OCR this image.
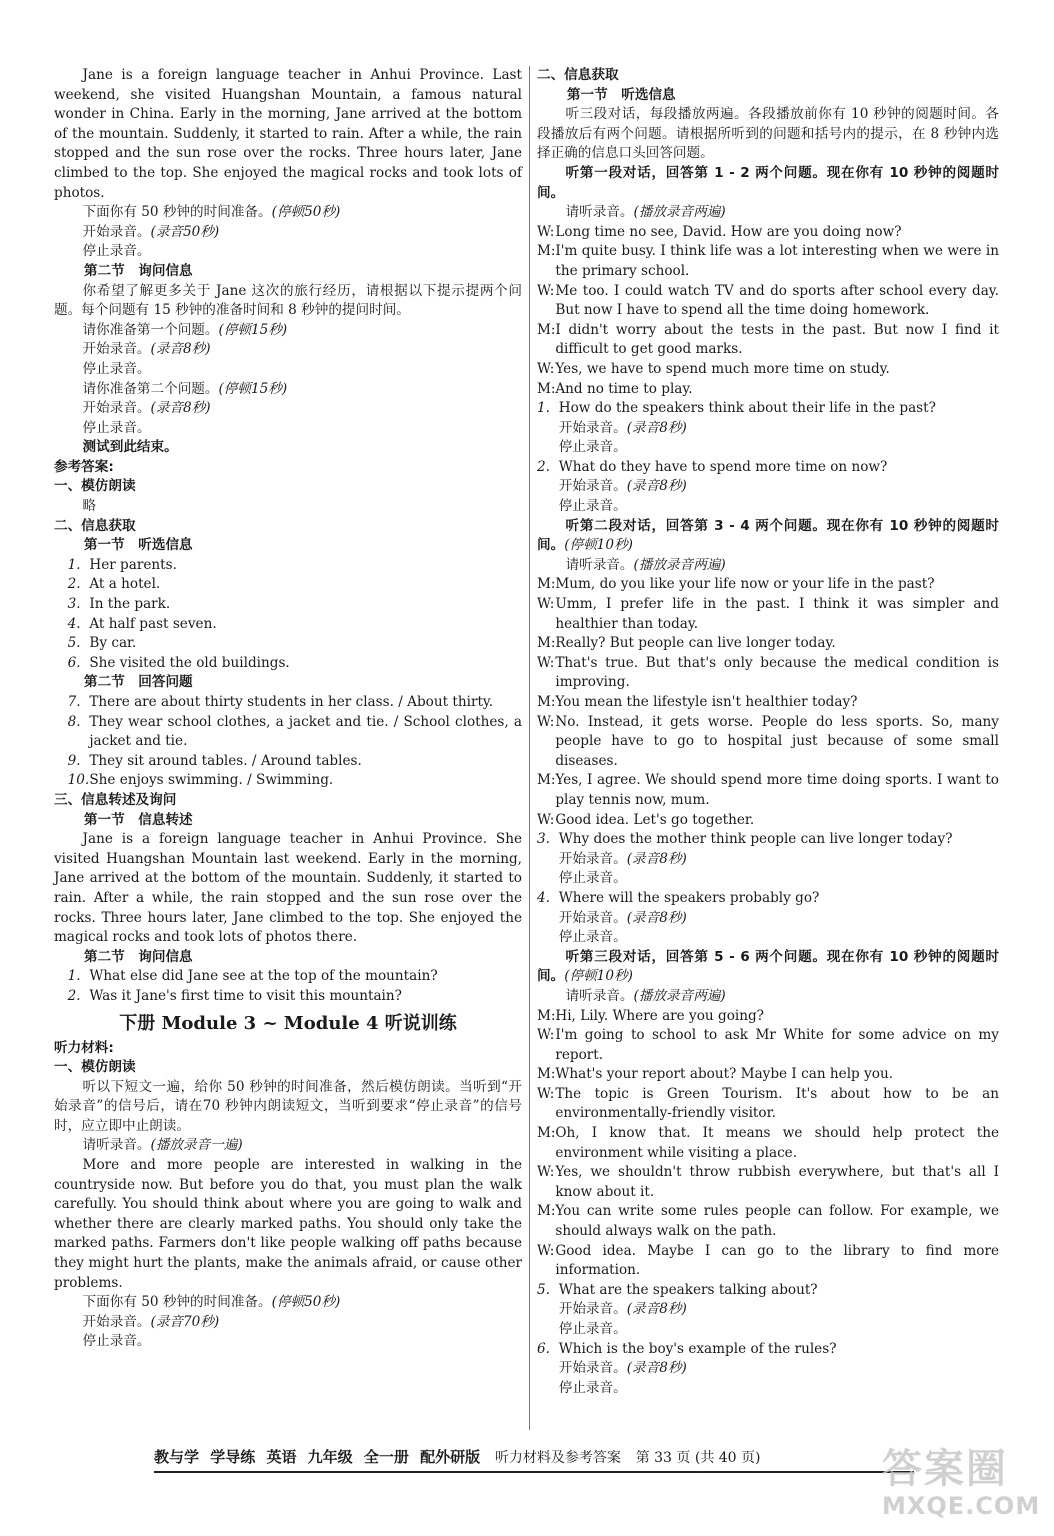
Jane is a foreign language teacher in Anhui Province. Last weekend, she visited Huangshan Mountain, a famous natural wonder in China. Early in the morning, Jane arrived at the bottom of the mountain. Suddenly, it started to rain. After a while, the rain stopped and the sun rose over the rocks. Three hours later, Jane climbed to the top. She enjoyed the magical rocks and took lots of photos.

下面你有 50 秒钟的时间准备。(停顿50秒)

开始录音。(录音50秒)

停止录音。

第二节　询问信息

你希望了解更多关于 Jane 这次的旅行经历，请根据以下提示提两个问题。每个问题有 15 秒钟的准备时间和 8 秒钟的提问时间。

请你准备第一个问题。(停顿15秒)

开始录音。(录音8秒)

停止录音。

请你准备第二个问题。(停顿15秒)

开始录音。(录音8秒)

停止录音。

测试到此结束。

参考答案:

一、模仿朗读

略

二、信息获取

第一节　听选信息

1. Her parents.
2. At a hotel.
3. In the park.
4. At half past seven.
5. By car.
6. She visited the old buildings.

第二节　回答问题

7. There are about thirty students in her class. / About thirty.
8. They wear school clothes, a jacket and tie. / School clothes, a jacket and tie.
9. They sit around tables. / Around tables.
10. She enjoys swimming. / Swimming.

三、信息转述及询问

第一节　信息转述

Jane is a foreign language teacher in Anhui Province. She visited Huangshan Mountain last weekend. Early in the morning, Jane arrived at the bottom of the mountain. Suddenly, it started to rain. After a while, the rain stopped and the sun rose over the rocks. Three hours later, Jane climbed to the top. She enjoyed the magical rocks and took lots of photos there.

第二节　询问信息

1. What else did Jane see at the top of the mountain?
2. Was it Jane's first time to visit this mountain?
下册 Module 3 ~ Module 4 听说训练

听力材料:

一、模仿朗读

听以下短文一遍，给你 50 秒钟的时间准备，然后模仿朗读。当听到“开始录音”的信号后，请在70 秒钟内朗读短文，当听到要求“停止录音”的信号时，应立即中止朗读。

请听录音。(播放录音一遍)

More and more people are interested in walking in the countryside now. But before you do that, you must plan the walk carefully. You should think about where you are going to walk and whether there are clearly marked paths. You should only take the marked paths. Farmers don't like people walking off paths because they might hurt the plants, make the animals afraid, or cause other problems.

下面你有 50 秒钟的时间准备。(停顿50秒)

开始录音。(录音70秒)

停止录音。

二、信息获取

第一节　听选信息

听三段对话，每段播放两遍。各段播放前你有 10 秒钟的阅题时间。各段播放后有两个问题。请根据所听到的问题和括号内的提示，在 8 秒钟内选择正确的信息口头回答问题。

听第一段对话，回答第 1 - 2 两个问题。现在你有 10 秒钟的阅题时间。

请听录音。(播放录音两遍)

W: Long time no see, David. How are you doing now?
M: I'm quite busy. I think life was a lot interesting when we were in the primary school.
W: Me too. I could watch TV and do sports after school every day. But now I have to spend all the time doing homework.
M: I didn't worry about the tests in the past. But now I find it difficult to get good marks.
W: Yes, we have to spend much more time on study.
M: And no time to play.
1. How do the speakers think about their life in the past?

开始录音。(录音8秒)

停止录音。

2. What do they have to spend more time on now?

开始录音。(录音8秒)

停止录音。

听第二段对话，回答第 3 - 4 两个问题。现在你有 10 秒钟的阅题时间。(停顿10秒)

请听录音。(播放录音两遍)

M: Mum, do you like your life now or your life in the past?
W: Umm, I prefer life in the past. I think it was simpler and healthier than today.
M: Really? But people can live longer today.
W: That's true. But that's only because the medical condition is improving.
M: You mean the lifestyle isn't healthier today?
W: No. Instead, it gets worse. People do less sports. So, many people have to go to hospital just because of some small diseases.
M: Yes, I agree. We should spend more time doing sports. I want to play tennis now, mum.
W: Good idea. Let's go together.
3. Why does the mother think people can live longer today?

开始录音。(录音8秒)

停止录音。

4. Where will the speakers probably go?

开始录音。(录音8秒)

停止录音。

听第三段对话，回答第 5 - 6 两个问题。现在你有 10 秒钟的阅题时间。(停顿10秒)

请听录音。(播放录音两遍)

M: Hi, Lily. Where are you going?
W: I'm going to school to ask Mr White for some advice on my report.
M: What's your report about? Maybe I can help you.
W: The topic is Green Tourism. It's about how to be an environmentally-friendly visitor.
M: Oh, I know that. It means we should help protect the environment while visiting a place.
W: Yes, we shouldn't throw rubbish everywhere, but that's all I know about it.
M: You can write some rules people can follow. For example, we should always walk on the path.
W: Good idea. Maybe I can go to the library to find more information.
5. What are the speakers talking about?

开始录音。(录音8秒)

停止录音。

6. Which is the boy's example of the rules?

开始录音。(录音8秒)

停止录音。

教与学 学导练 英语 九年级 全一册 配外研版 听力材料及参考答案 第 33 页 (共 40 页)	答案圈
MXQE.COM
